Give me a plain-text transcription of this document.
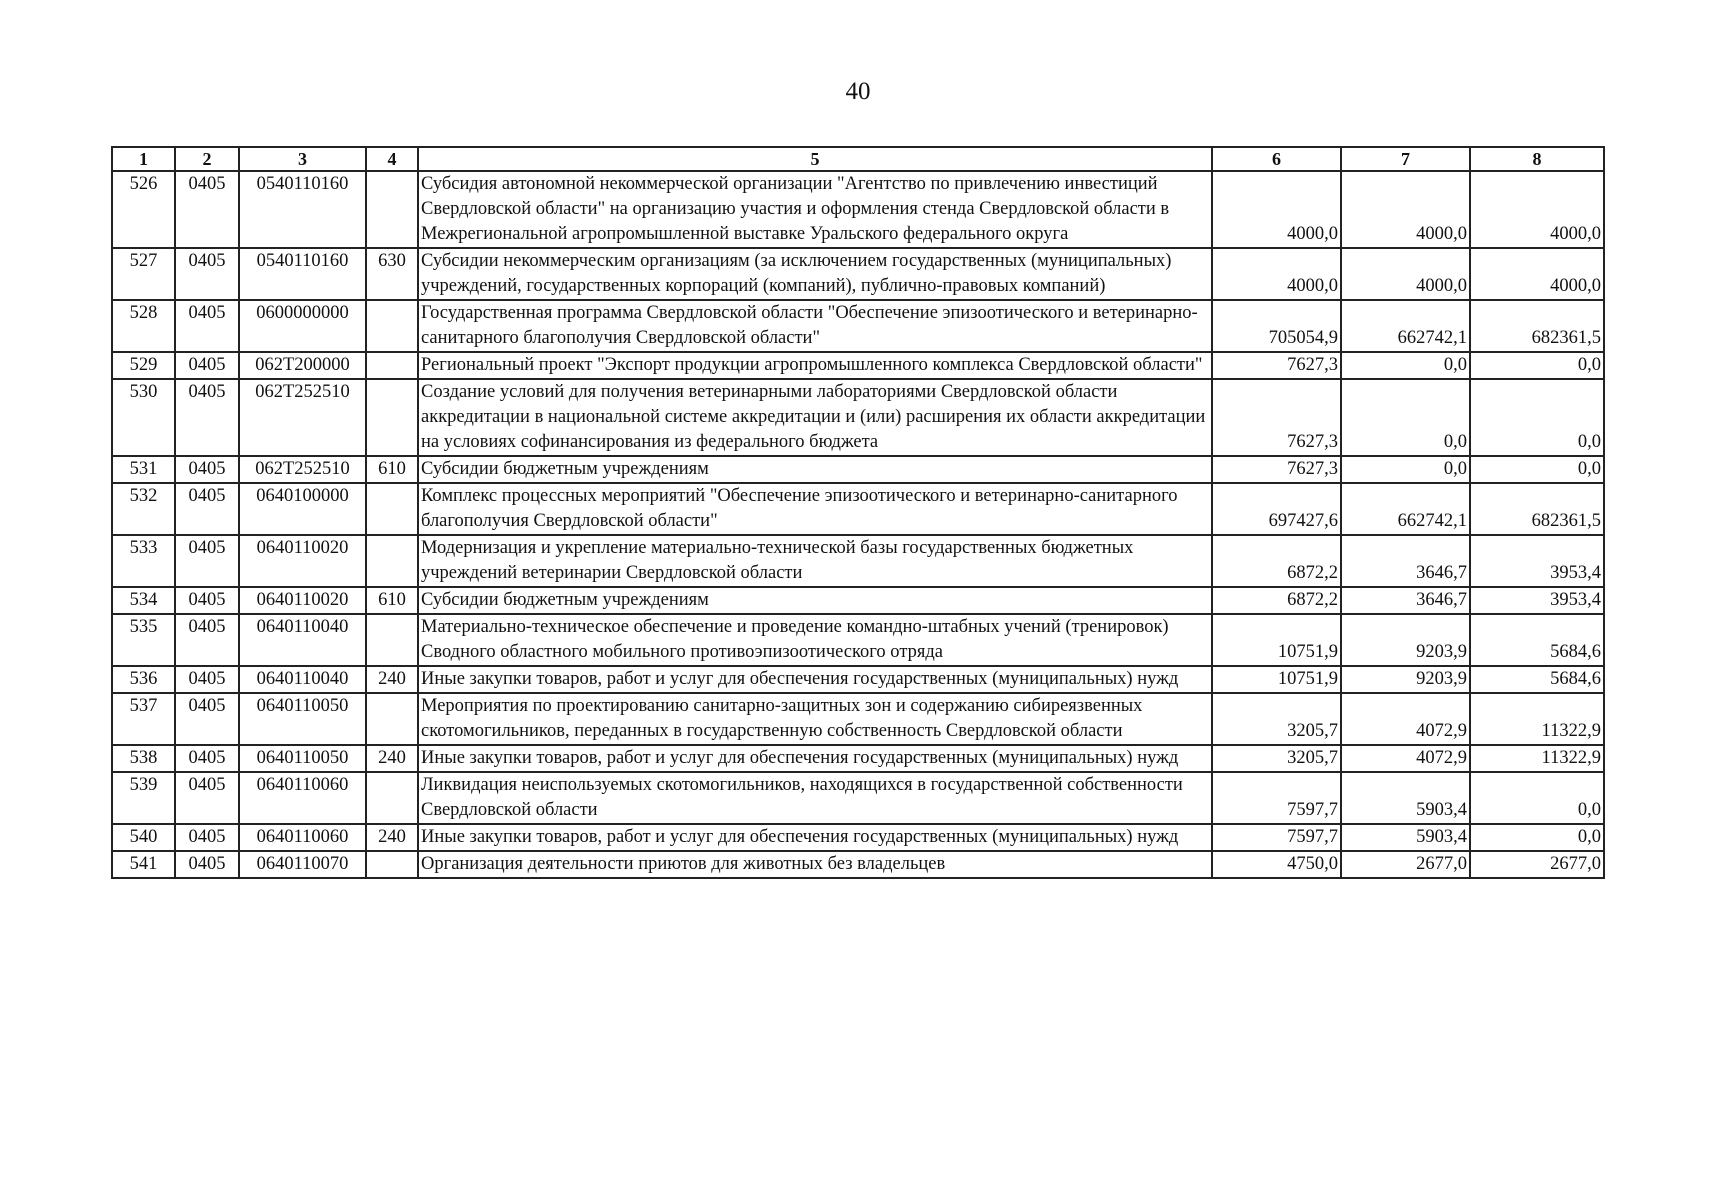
40
1	2	3	4	5	6	7	8
526	0405	0540110160		Субсидия автономной некоммерческой организации "Агентство по привлечению инвестиций Свердловской области" на организацию участия и оформления стенда Свердловской области в Межрегиональной агропромышленной выставке Уральского федерального округа	4000,0	4000,0	4000,0
527	0405	0540110160	630	Субсидии некоммерческим организациям (за исключением государственных (муниципальных) учреждений, государственных корпораций (компаний), публично-правовых компаний)	4000,0	4000,0	4000,0
528	0405	0600000000		Государственная программа Свердловской области "Обеспечение эпизоотического и ветеринарно-санитарного благополучия Свердловской области"	705054,9	662742,1	682361,5
529	0405	062Т200000		Региональный проект "Экспорт продукции агропромышленного комплекса Свердловской области"	7627,3	0,0	0,0
530	0405	062Т252510		Создание условий для получения ветеринарными лабораториями Свердловской области аккредитации в национальной системе аккредитации и (или) расширения их области аккредитации на условиях софинансирования из федерального бюджета	7627,3	0,0	0,0
531	0405	062Т252510	610	Субсидии бюджетным учреждениям	7627,3	0,0	0,0
532	0405	0640100000		Комплекс процессных мероприятий "Обеспечение эпизоотического и ветеринарно-санитарного благополучия Свердловской области"	697427,6	662742,1	682361,5
533	0405	0640110020		Модернизация и укрепление материально-технической базы государственных бюджетных учреждений ветеринарии Свердловской области	6872,2	3646,7	3953,4
534	0405	0640110020	610	Субсидии бюджетным учреждениям	6872,2	3646,7	3953,4
535	0405	0640110040		Материально-техническое обеспечение и проведение командно-штабных учений (тренировок) Сводного областного мобильного противоэпизоотического отряда	10751,9	9203,9	5684,6
536	0405	0640110040	240	Иные закупки товаров, работ и услуг для обеспечения государственных (муниципальных) нужд	10751,9	9203,9	5684,6
537	0405	0640110050		Мероприятия по проектированию санитарно-защитных зон и содержанию сибиреязвенных скотомогильников, переданных в государственную собственность Свердловской области	3205,7	4072,9	11322,9
538	0405	0640110050	240	Иные закупки товаров, работ и услуг для обеспечения государственных (муниципальных) нужд	3205,7	4072,9	11322,9
539	0405	0640110060		Ликвидация неиспользуемых скотомогильников, находящихся в государственной собственности Свердловской области	7597,7	5903,4	0,0
540	0405	0640110060	240	Иные закупки товаров, работ и услуг для обеспечения государственных (муниципальных) нужд	7597,7	5903,4	0,0
541	0405	0640110070		Организация деятельности приютов для животных без владельцев	4750,0	2677,0	2677,0
